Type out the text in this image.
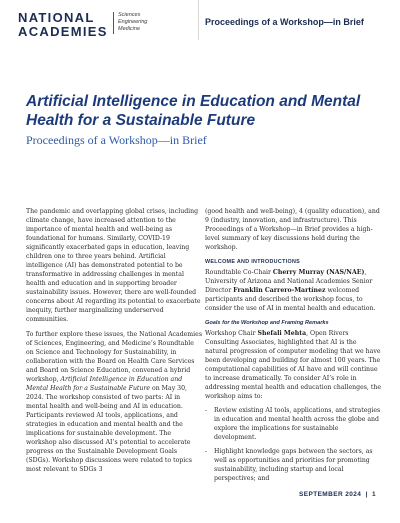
NATIONAL
ACADEMIES
Sciences
Engineering
Medicine
Proceedings of a Workshop—in Brief
Artificial Intelligence in Education and Mental Health for a Sustainable Future
Proceedings of a Workshop—in Brief

The pandemic and overlapping global crises, including climate change, have increased attention to the importance of mental health and well-being as foundational for humans. Similarly, COVID-19 significantly exacerbated gaps in education, leaving children one to three years behind. Artificial intelligence (AI) has demonstrated potential to be transformative in addressing challenges in mental health and education and in supporting broader sustainability issues. However, there are well-founded concerns about AI regarding its potential to exacerbate inequity, further marginalizing underserved communities.

To further explore these issues, the National Academies of Sciences, Engineering, and Medicine’s Roundtable on Science and Technology for Sustainability, in collaboration with the Board on Health Care Services and Board on Science Education, convened a hybrid workshop, Artificial Intelligence in Education and Mental Health for a Sustainable Future on May 30, 2024. The workshop consisted of two parts: AI in mental health and well-being and AI in education. Participants reviewed AI tools, applications, and strategies in education and mental health and the implications for sustainable development. The workshop also discussed AI’s potential to accelerate progress on the Sustainable Development Goals (SDGs). Workshop discussions were related to topics most relevant to SDGs 3

(good health and well-being), 4 (quality education), and 9 (industry, innovation, and infrastructure). This Proceedings of a Workshop—in Brief provides a high-level summary of key discussions held during the workshop.

WELCOME AND INTRODUCTIONS

Roundtable Co-Chair Cherry Murray (NAS/NAE), University of Arizona and National Academies Senior Director Franklin Carrero-Martínez welcomed participants and described the workshop focus, to consider the use of AI in mental health and education.

Goals for the Workshop and Framing Remarks

Workshop Chair Shefali Mehta, Open Rivers Consulting Associates, highlighted that AI is the natural progression of computer modeling that we have been developing and building for almost 100 years. The computational capabilities of AI have and will continue to increase dramatically. To consider AI’s role in addressing mental health and education challenges, the workshop aims to:

- Review existing AI tools, applications, and strategies in education and mental health across the globe and explore the implications for sustainable development.
- Highlight knowledge gaps between the sectors, as well as opportunities and priorities for promoting sustainability, including startup and local perspectives; and
SEPTEMBER 2024 | 1
